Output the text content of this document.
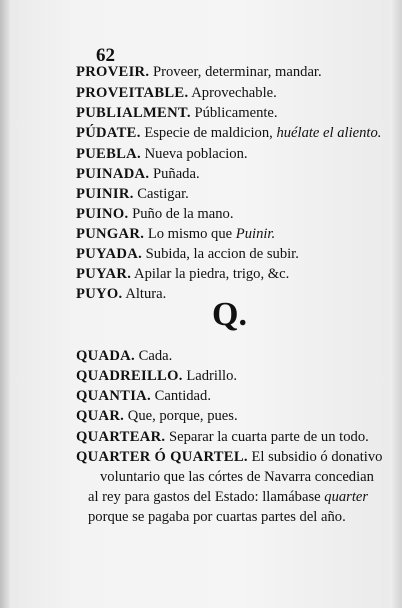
62
PROVEIR. Proveer, determinar, mandar.
PROVEITABLE. Aprovechable.
PUBLIALMENT. Públicamente.
PÚDATE. Especie de maldicion, huélate el aliento.
PUEBLA. Nueva poblacion.
PUINADA. Puñada.
PUINIR. Castigar.
PUINO. Puño de la mano.
PUNGAR. Lo mismo que Puinir.
PUYADA. Subida, la accion de subir.
PUYAR. Apilar la piedra, trigo, &c.
PUYO. Altura.
Q.
QUADA. Cada.
QUADREILLO. Ladrillo.
QUANTIA. Cantidad.
QUAR. Que, porque, pues.
QUARTEAR. Separar la cuarta parte de un todo.
QUARTER Ó QUARTEL. El subsidio ó donativo
voluntario que las córtes de Navarra concedian
al rey para gastos del Estado: llamábase quarter
porque se pagaba por cuartas partes del año.
